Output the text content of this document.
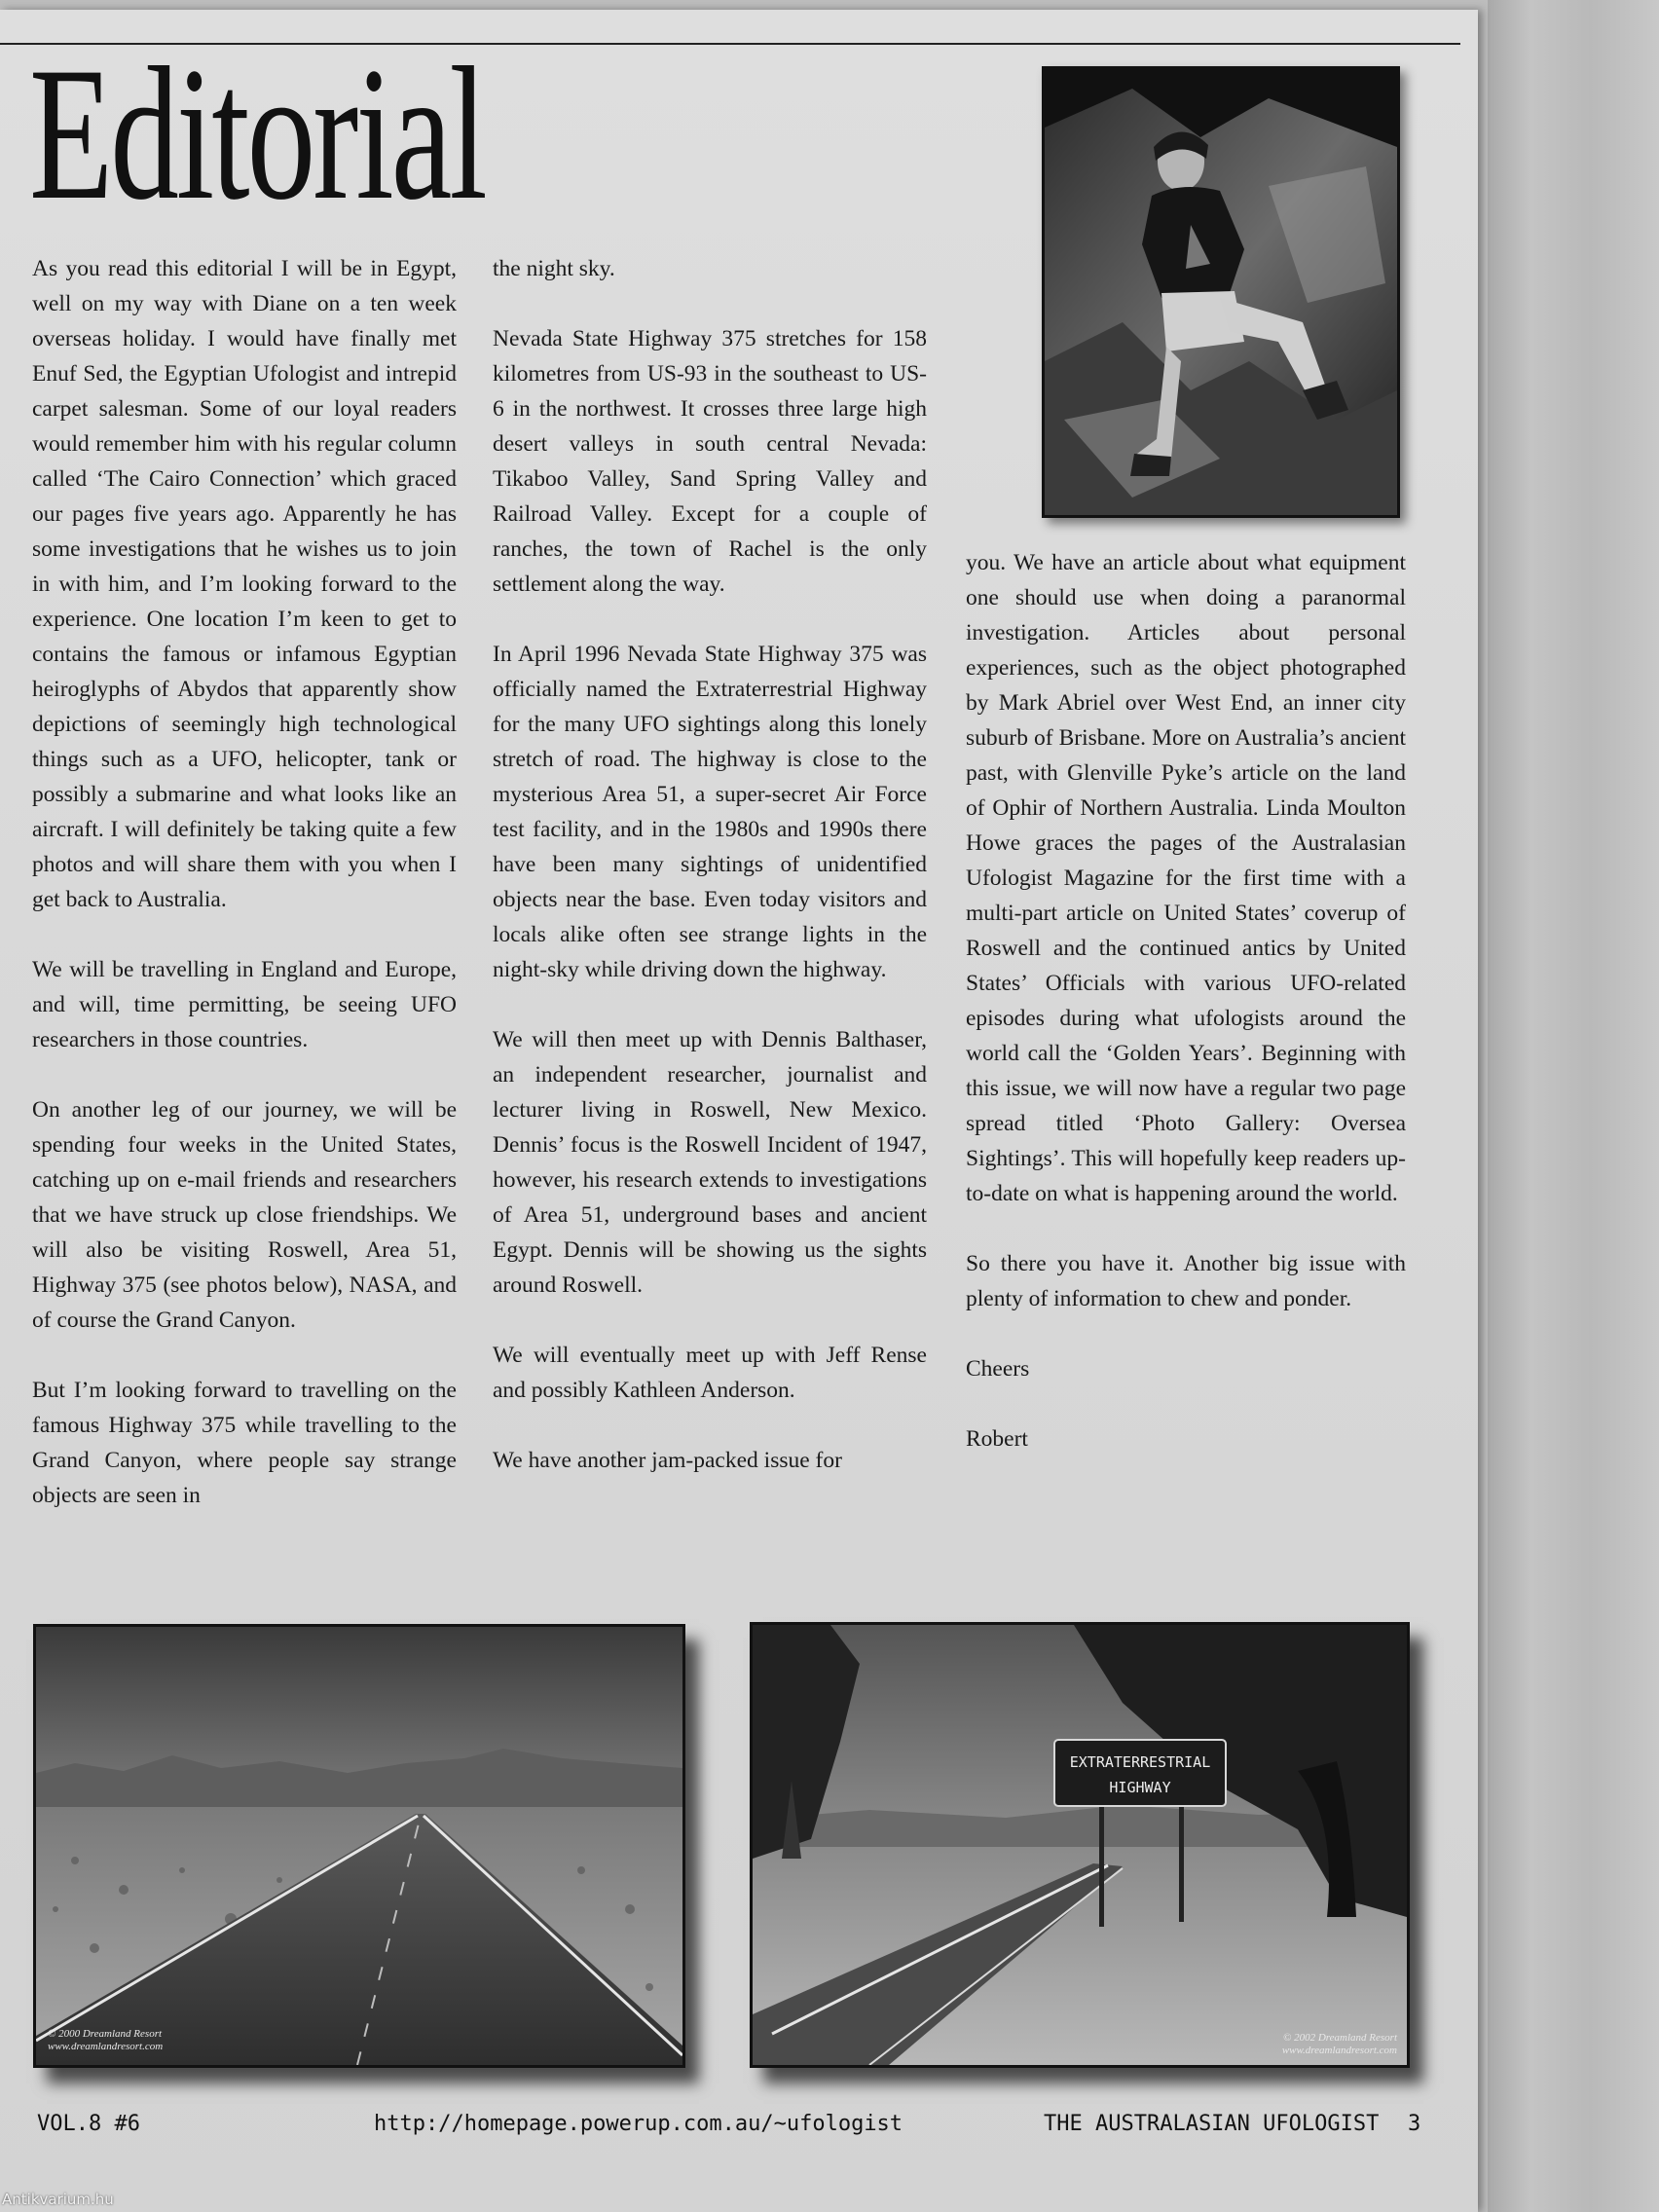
Editorial

As you read this editorial I will be in Egypt, well on my way with Diane on a ten week overseas holiday. I would have finally met Enuf Sed, the Egyptian Ufologist and intrepid carpet salesman. Some of our loyal readers would remember him with his regular column called ‘The Cairo Connection’ which graced our pages five years ago. Apparently he has some investigations that he wishes us to join in with him, and I’m looking forward to the experience. One location I’m keen to get to contains the famous or infamous Egyptian heiroglyphs of Abydos that apparently show depictions of seemingly high technological things such as a UFO, helicopter, tank or possibly a submarine and what looks like an aircraft. I will definitely be taking quite a few photos and will share them with you when I get back to Australia.

We will be travelling in England and Europe, and will, time permitting, be seeing UFO researchers in those countries.

On another leg of our journey, we will be spending four weeks in the United States, catching up on e-mail friends and researchers that we have struck up close friendships. We will also be visiting Roswell, Area 51, Highway 375 (see photos below), NASA, and of course the Grand Canyon.

But I’m looking forward to travelling on the famous Highway 375 while travelling to the Grand Canyon, where people say strange objects are seen in

the night sky.

Nevada State Highway 375 stretches for 158 kilometres from US-93 in the southeast to US-6 in the northwest. It crosses three large high desert valleys in south central Nevada: Tikaboo Valley, Sand Spring Valley and Railroad Valley. Except for a couple of ranches, the town of Rachel is the only settlement along the way.

In April 1996 Nevada State Highway 375 was officially named the Extraterrestrial Highway for the many UFO sightings along this lonely stretch of road. The highway is close to the mysterious Area 51, a super-secret Air Force test facility, and in the 1980s and 1990s there have been many sightings of unidentified objects near the base. Even today visitors and locals alike often see strange lights in the night-sky while driving down the highway.

We will then meet up with Dennis Balthaser, an independent researcher, journalist and lecturer living in Roswell, New Mexico. Dennis’ focus is the Roswell Incident of 1947, however, his research extends to investigations of Area 51, underground bases and ancient Egypt. Dennis will be showing us the sights around Roswell.

We will eventually meet up with Jeff Rense and possibly Kathleen Anderson.

We have another jam-packed issue for

you. We have an article about what equipment one should use when doing a paranormal investigation. Articles about personal experiences, such as the object photographed by Mark Abriel over West End, an inner city suburb of Brisbane. More on Australia’s ancient past, with Glenville Pyke’s article on the land of Ophir of Northern Australia. Linda Moulton Howe graces the pages of the Australasian Ufologist Magazine for the first time with a multi-part article on United States’ coverup of Roswell and the continued antics by United States’ Officials with various UFO-related episodes during what ufologists around the world call the ‘Golden Years’. Beginning with this issue, we will now have a regular two page spread titled ‘Photo Gallery: Oversea Sightings’. This will hopefully keep readers up-to-date on what is happening around the world.

So there you have it. Another big issue with plenty of information to chew and ponder.

Cheers

Robert

© 2000 Dreamland Resort
www.dreamlandresort.com
EXTRATERRESTRIAL
HIGHWAY
© 2002 Dreamland Resort
www.dreamlandresort.com
VOL.8 #6	http://homepage.powerup.com.au/~ufologist	THE AUSTRALASIAN UFOLOGIST 3
Antikvarium.hu
